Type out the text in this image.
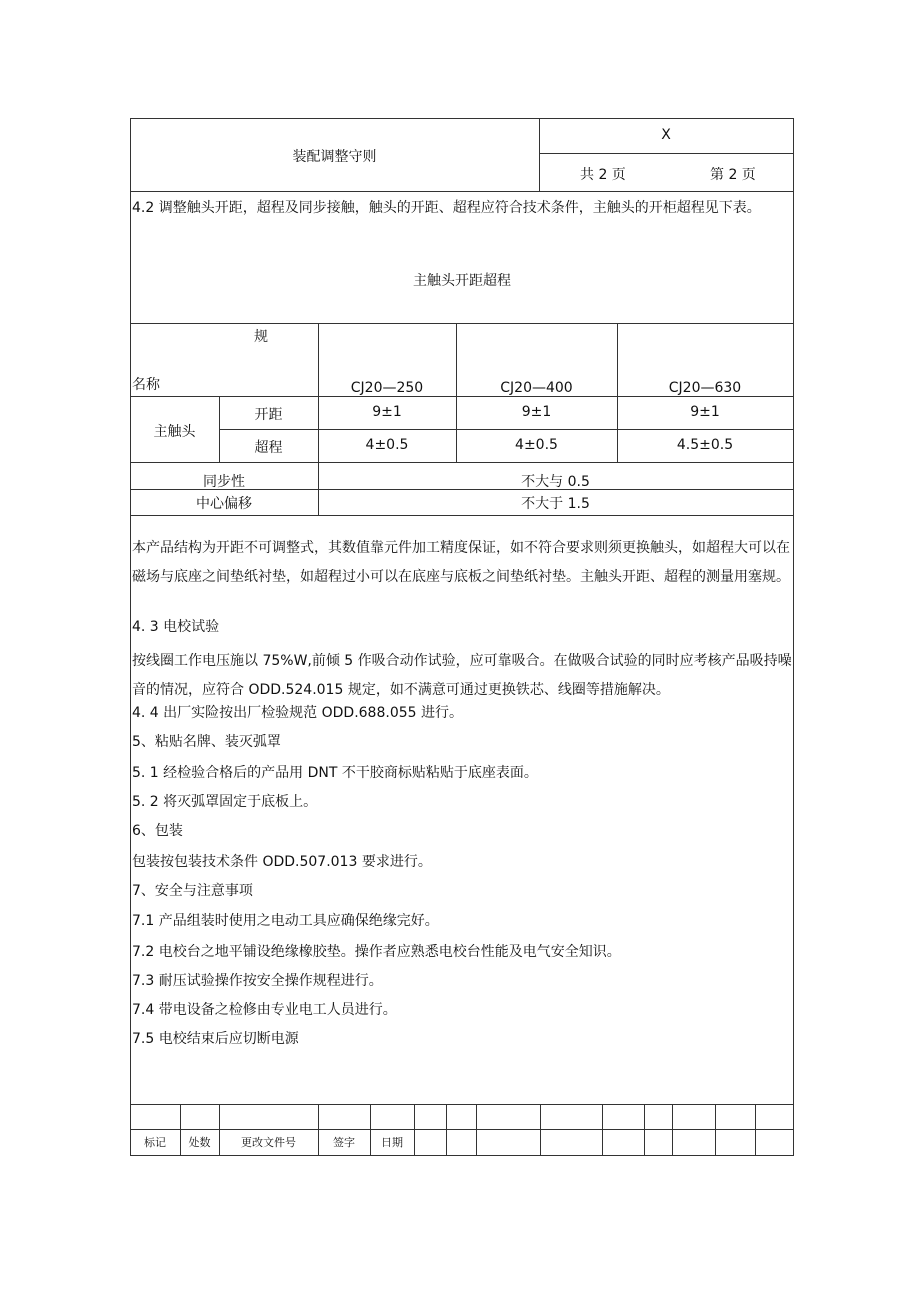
装配调整守则
X
共 2 页	第 2 页
4.2 调整触头开距，超程及同步接触，触头的开距、超程应符合技术条件，主触头的开柜超程见下表。
主触头开距超程
规
名称	CJ20—250	CJ20—400	CJ20—630
主触头
开距	9±1	9±1	9±1
超程	4±0.5	4±0.5	4.5±0.5
同步性	不大与 0.5
中心偏移	不大于 1.5
本产品结构为开距不可调整式，其数值靠元件加工精度保证，如不符合要求则须更换触头，如超程大可以在磁场与底座之间垫纸衬垫，如超程过小可以在底座与底板之间垫纸衬垫。主触头开距、超程的测量用塞规。
4. 3 电校试验
按线圈工作电压施以 75%W,前倾 5 作吸合动作试验，应可靠吸合。在做吸合试验的同时应考核产品吸持噪音的情况，应符合 ODD.524.015 规定，如不满意可通过更换铁芯、线圈等措施解决。
4. 4 出厂实险按出厂检验规范 ODD.688.055 进行。
5、粘贴名牌、装灭弧罩
5. 1 经检验合格后的产品用 DNT 不干胶商标贴粘贴于底座表面。
5. 2 将灭弧罩固定于底板上。
6、包装
包装按包装技术条件 ODD.507.013 要求进行。
7、安全与注意事项
7.1 产品组装时使用之电动工具应确保绝缘完好。
7.2 电校台之地平铺设绝缘橡胶垫。操作者应熟悉电校台性能及电气安全知识。
7.3 耐压试验操作按安全操作规程进行。
7.4 带电设备之检修由专业电工人员进行。
7.5 电校结束后应切断电源
标记	处数	更改文件号	签字	日期
